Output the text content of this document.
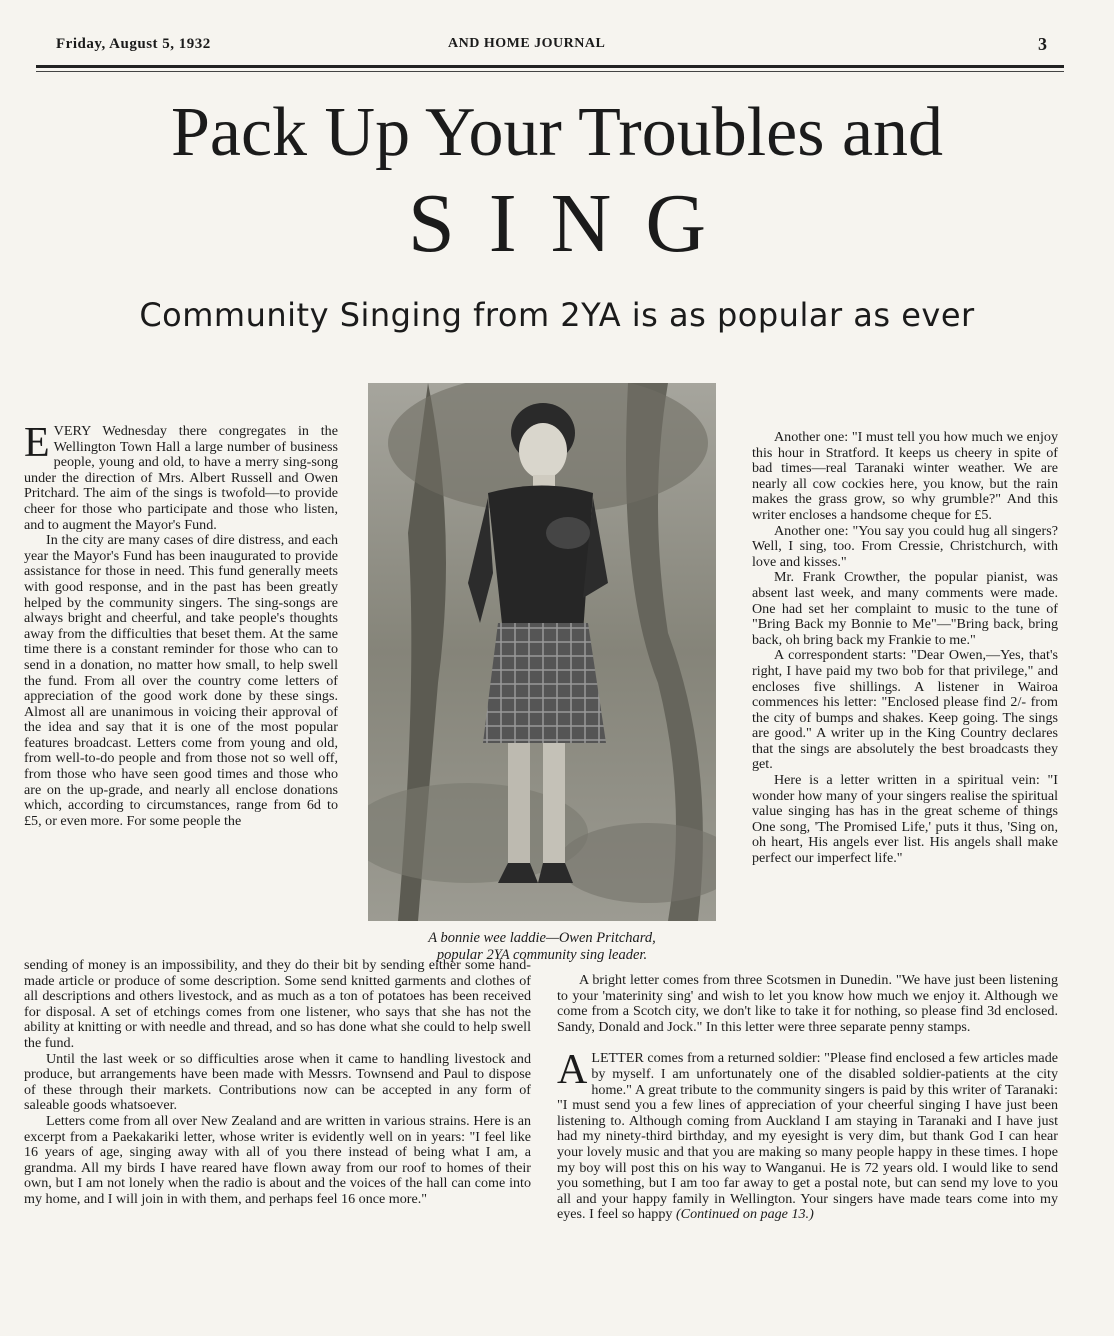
Friday, August 5, 1932	AND HOME JOURNAL	3
Pack Up Your Troubles and
SING
Community Singing from 2YA is as popular as ever
A bonnie wee laddie—Owen Pritchard,
popular 2YA community sing leader.

EVERY Wednesday there congregates in the Wellington Town Hall a large number of business people, young and old, to have a merry sing-song under the direction of Mrs. Albert Russell and Owen Pritchard. The aim of the sings is twofold—to provide cheer for those who participate and those who listen, and to augment the Mayor's Fund.

In the city are many cases of dire distress, and each year the Mayor's Fund has been inaugurated to provide assistance for those in need. This fund generally meets with good response, and in the past has been greatly helped by the community singers. The sing-songs are always bright and cheerful, and take people's thoughts away from the difficulties that beset them. At the same time there is a constant reminder for those who can to send in a donation, no matter how small, to help swell the fund. From all over the country come letters of appreciation of the good work done by these sings. Almost all are unanimous in voicing their approval of the idea and say that it is one of the most popular features broadcast. Letters come from young and old, from well-to-do people and from those not so well off, from those who have seen good times and those who are on the up-grade, and nearly all enclose donations which, according to circumstances, range from 6d to £5, or even more. For some people the

sending of money is an impossibility, and they do their bit by sending either some hand-made article or produce of some description. Some send knitted garments and clothes of all descriptions and others livestock, and as much as a ton of potatoes has been received for disposal. A set of etchings comes from one listener, who says that she has not the ability at knitting or with needle and thread, and so has done what she could to help swell the fund.

Until the last week or so difficulties arose when it came to handling livestock and produce, but arrangements have been made with Messrs. Townsend and Paul to dispose of these through their markets. Contributions now can be accepted in any form of saleable goods whatsoever.

Letters come from all over New Zealand and are written in various strains. Here is an excerpt from a Paekakariki letter, whose writer is evidently well on in years: "I feel like 16 years of age, singing away with all of you there instead of being what I am, a grandma. All my birds I have reared have flown away from our roof to homes of their own, but I am not lonely when the radio is about and the voices of the hall can come into my home, and I will join in with them, and perhaps feel 16 once more."

Another one: "I must tell you how much we enjoy this hour in Stratford. It keeps us cheery in spite of bad times—real Taranaki winter weather. We are nearly all cow cockies here, you know, but the rain makes the grass grow, so why grumble?" And this writer encloses a handsome cheque for £5.

Another one: "You say you could hug all singers? Well, I sing, too. From Cressie, Christchurch, with love and kisses."

Mr. Frank Crowther, the popular pianist, was absent last week, and many comments were made. One had set her complaint to music to the tune of "Bring Back my Bonnie to Me"—"Bring back, bring back, oh bring back my Frankie to me."

A correspondent starts: "Dear Owen,—Yes, that's right, I have paid my two bob for that privilege," and encloses five shillings. A listener in Wairoa commences his letter: "Enclosed please find 2/- from the city of bumps and shakes. Keep going. The sings are good." A writer up in the King Country declares that the sings are absolutely the best broadcasts they get.

Here is a letter written in a spiritual vein: "I wonder how many of your singers realise the spiritual value singing has has in the great scheme of things One song, 'The Promised Life,' puts it thus, 'Sing on, oh heart, His angels ever list. His angels shall make perfect our imperfect life."

A bright letter comes from three Scotsmen in Dunedin. "We have just been listening to your 'materinity sing' and wish to let you know how much we enjoy it. Although we come from a Scotch city, we don't like to take it for nothing, so please find 3d enclosed. Sandy, Donald and Jock." In this letter were three separate penny stamps.

ALETTER comes from a returned soldier: "Please find enclosed a few articles made by myself. I am unfortunately one of the disabled soldier-patients at the city home." A great tribute to the community singers is paid by this writer of Taranaki: "I must send you a few lines of appreciation of your cheerful singing I have just been listening to. Although coming from Auckland I am staying in Taranaki and I have just had my ninety-third birthday, and my eyesight is very dim, but thank God I can hear your lovely music and that you are making so many people happy in these times. I hope my boy will post this on his way to Wanganui. He is 72 years old. I would like to send you something, but I am too far away to get a postal note, but can send my love to you all and your happy family in Wellington. Your singers have made tears come into my eyes. I feel so happy (Continued on page 13.)
